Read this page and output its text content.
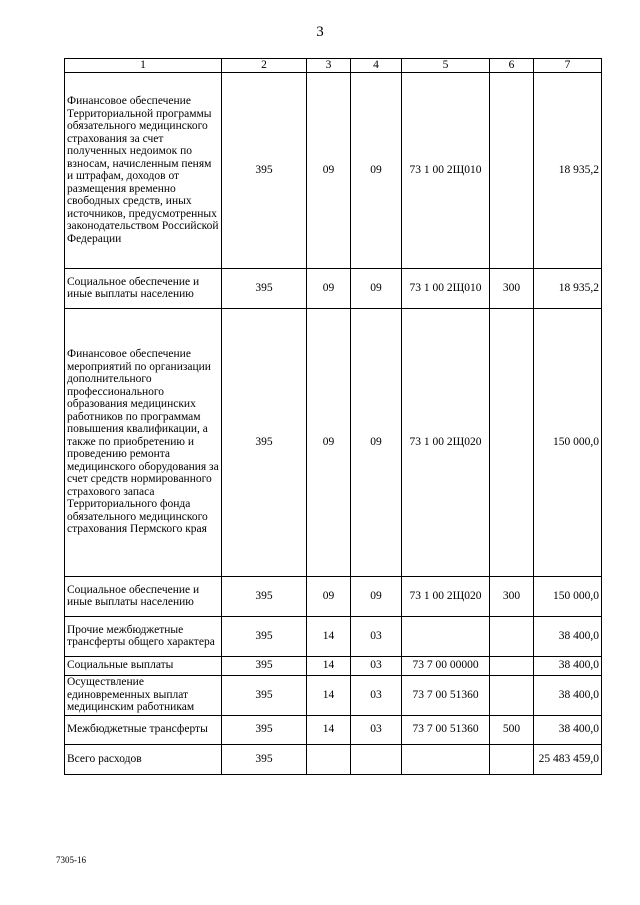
3
1	2	3	4	5	6	7
Финансовое обеспечение Территориальной программы обязательного медицинского страхования за счет полученных недоимок по взносам, начисленным пеням и штрафам, доходов от размещения временно свободных средств, иных источников, предусмотренных законодательством Российской Федерации	395	09	09	73 1 00 2Щ010		18 935,2
Социальное обеспечение и иные выплаты населению	395	09	09	73 1 00 2Щ010	300	18 935,2
Финансовое обеспечение мероприятий по организации дополнительного профессионального образования медицинских работников по программам повышения квалификации, а также по приобретению и проведению ремонта медицинского оборудования за счет средств нормированного страхового запаса Территориального фонда обязательного медицинского страхования Пермского края	395	09	09	73 1 00 2Щ020		150 000,0
Социальное обеспечение и иные выплаты населению	395	09	09	73 1 00 2Щ020	300	150 000,0
Прочие межбюджетные трансферты общего характера	395	14	03			38 400,0
Социальные выплаты	395	14	03	73 7 00 00000		38 400,0
Осуществление единовременных выплат медицинским работникам	395	14	03	73 7 00 51360		38 400,0
Межбюджетные трансферты	395	14	03	73 7 00 51360	500	38 400,0
Всего расходов	395					25 483 459,0
7305-16
